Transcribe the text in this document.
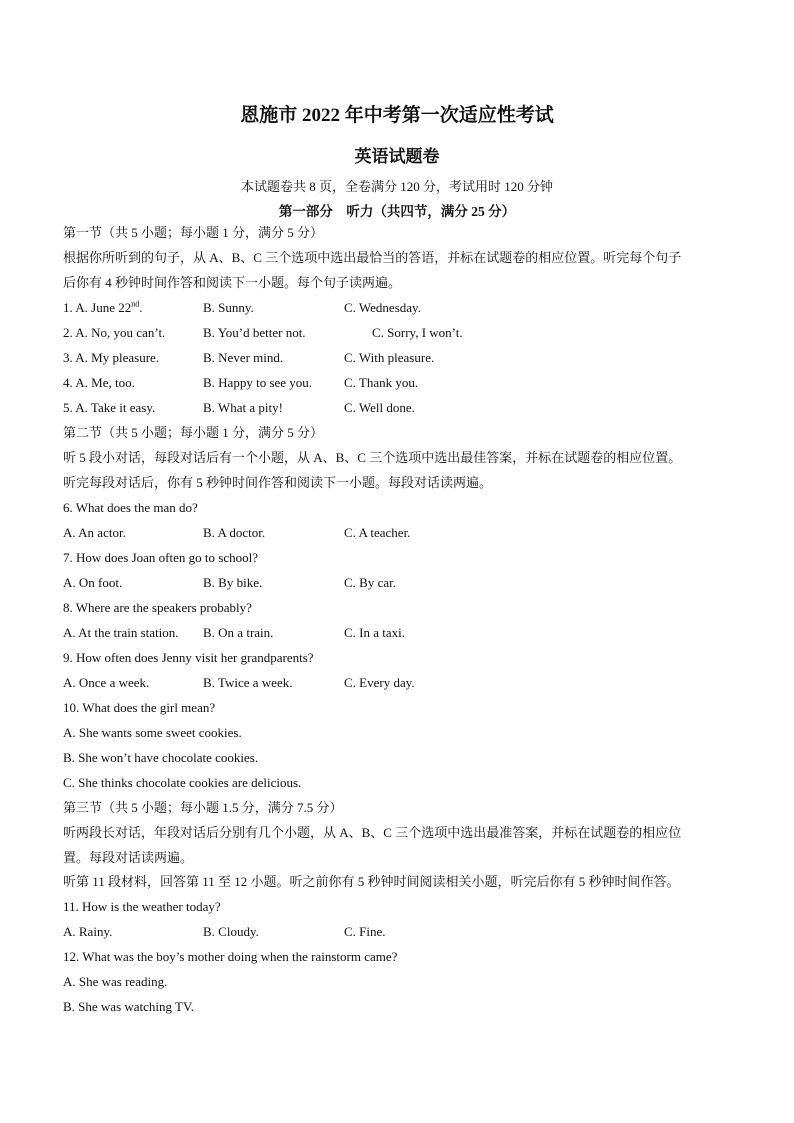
恩施市 2022 年中考第一次适应性考试
英语试题卷
本试题卷共 8 页，全卷满分 120 分，考试用时 120 分钟
第一部分    听力（共四节，满分 25 分）
第一节（共 5 小题；每小题 1 分，满分 5 分）
根据你所听到的句子，从 A、B、C 三个选项中选出最恰当的答语，并标在试题卷的相应位置。听完每个句子
后你有 4 秒钟时间作答和阅读下一小题。每个句子读两遍。
1. A. June 22nd.	B. Sunny.	C. Wednesday.
2. A. No, you can’t.	B. You’d better not.	C. Sorry, I won’t.
3. A. My pleasure.	B. Never mind.	C. With pleasure.
4. A. Me, too.	B. Happy to see you. C. Thank you.
5. A. Take it easy.	B. What a pity!	C. Well done.
第二节（共 5 小题；每小题 1 分，满分 5 分）
听 5 段小对话，每段对话后有一个小题，从 A、B、C 三个选项中选出最佳答案，并标在试题卷的相应位置。
听完每段对话后，你有 5 秒钟时间作答和阅读下一小题。每段对话读两遍。
6. What does the man do?
A. An actor.	B. A doctor.	C. A teacher.
7. How does Joan often go to school?
A. On foot.	B. By bike.	C. By car.
8. Where are the speakers probably?
A. At the train station. B. On a train.	C. In a taxi.
9. How often does Jenny visit her grandparents?
A. Once a week.	B. Twice a week.	C. Every day.
10. What does the girl mean?
A. She wants some sweet cookies.
B. She won’t have chocolate cookies.
C. She thinks chocolate cookies are delicious.
第三节（共 5 小题；每小题 1.5 分，满分 7.5 分）
听两段长对话，年段对话后分别有几个小题，从 A、B、C 三个选项中选出最准答案，并标在试题卷的相应位
置。每段对话读两遍。
听第 11 段材料，回答第 11 至 12 小题。听之前你有 5 秒钟时间阅读相关小题，听完后你有 5 秒钟时间作答。
11. How is the weather today?
A. Rainy.	B. Cloudy.	C. Fine.
12. What was the boy’s mother doing when the rainstorm came?
A. She was reading.
B. She was watching TV.
